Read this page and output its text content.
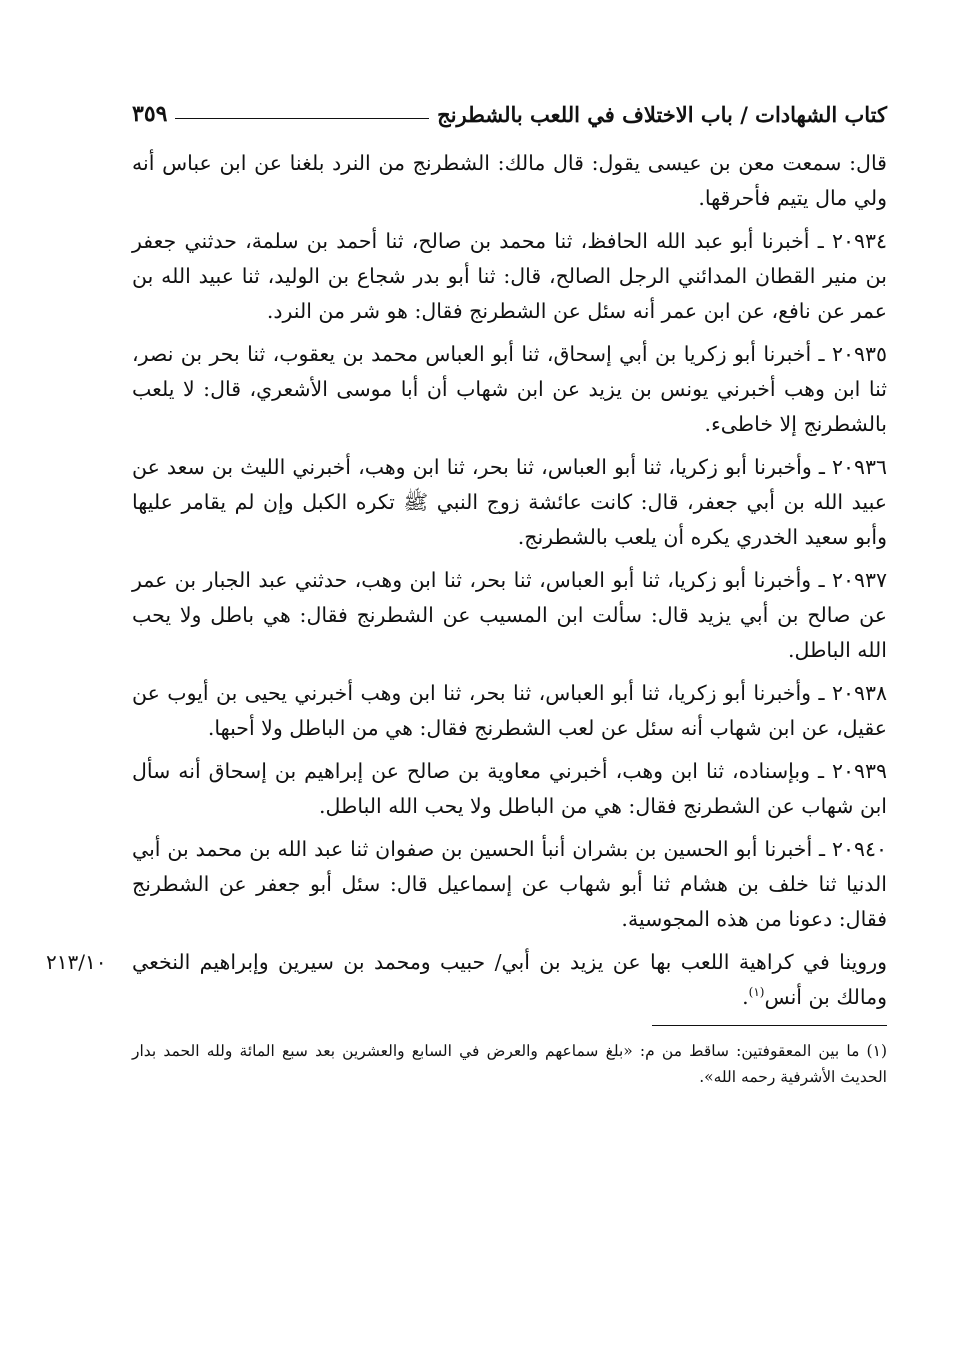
كتاب الشهادات / باب الاختلاف في اللعب بالشطرنج
٣٥٩

قال: سمعت معن بن عيسى يقول: قال مالك: الشطرنج من النرد بلغنا عن ابن عباس أنه ولي مال يتيم فأحرقها.

٢٠٩٣٤ ـ أخبرنا أبو عبد الله الحافظ، ثنا محمد بن صالح، ثنا أحمد بن سلمة، حدثني جعفر بن منير القطان المدائني الرجل الصالح، قال: ثنا أبو بدر شجاع بن الوليد، ثنا عبيد الله بن عمر عن نافع، عن ابن عمر أنه سئل عن الشطرنج فقال: هو شر من النرد.

٢٠٩٣٥ ـ أخبرنا أبو زكريا بن أبي إسحاق، ثنا أبو العباس محمد بن يعقوب، ثنا بحر بن نصر، ثنا ابن وهب أخبرني يونس بن يزيد عن ابن شهاب أن أبا موسى الأشعري، قال: لا يلعب بالشطرنج إلا خاطىء.

٢٠٩٣٦ ـ وأخبرنا أبو زكريا، ثنا أبو العباس، ثنا بحر، ثنا ابن وهب، أخبرني الليث بن سعد عن عبيد الله بن أبي جعفر، قال: كانت عائشة زوج النبي ﷺ تكره الكبل وإن لم يقامر عليها وأبو سعيد الخدري يكره أن يلعب بالشطرنج.

٢٠٩٣٧ ـ وأخبرنا أبو زكريا، ثنا أبو العباس، ثنا بحر، ثنا ابن وهب، حدثني عبد الجبار بن عمر عن صالح بن أبي يزيد قال: سألت ابن المسيب عن الشطرنج فقال: هي باطل ولا يحب الله الباطل.

٢٠٩٣٨ ـ وأخبرنا أبو زكريا، ثنا أبو العباس، ثنا بحر، ثنا ابن وهب أخبرني يحيى بن أيوب عن عقيل، عن ابن شهاب أنه سئل عن لعب الشطرنج فقال: هي من الباطل ولا أحبها.

٢٠٩٣٩ ـ وبإسناده، ثنا ابن وهب، أخبرني معاوية بن صالح عن إبراهيم بن إسحاق أنه سأل ابن شهاب عن الشطرنج فقال: هي من الباطل ولا يحب الله الباطل.

٢٠٩٤٠ ـ أخبرنا أبو الحسين بن بشران أنبأ الحسين بن صفوان ثنا عبد الله بن محمد بن أبي الدنيا ثنا خلف بن هشام ثنا أبو شهاب عن إسماعيل قال: سئل أبو جعفر عن الشطرنج فقال: دعونا من هذه المجوسية.

٢١٣/١٠ وروينا في كراهية اللعب بها عن يزيد بن أبي/ حبيب ومحمد بن سيرين وإبراهيم النخعي ومالك بن أنس$^{(١)}$.

(١) ما بين المعقوفتين: ساقط من م: «بلغ سماعهم والعرض في السابع والعشرين بعد سبع المائة ولله الحمد بدار الحديث الأشرفية رحمه الله».
